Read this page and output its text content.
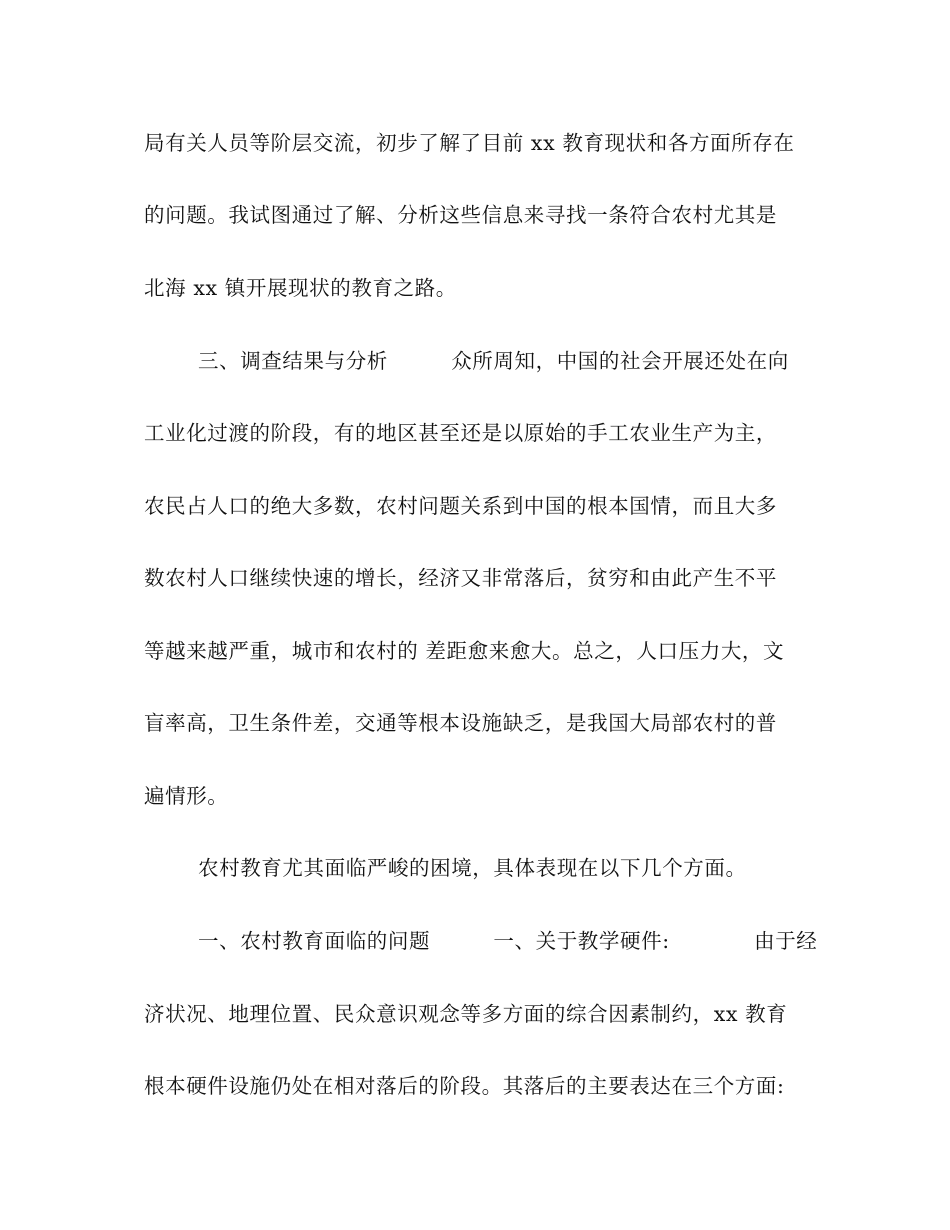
局有关人员等阶层交流，初步了解了目前 xx 教育现状和各方面所存在
的问题。我试图通过了解、分析这些信息来寻找一条符合农村尤其是
北海 xx 镇开展现状的教育之路。
三、调查结果与分析　　　众所周知，中国的社会开展还处在向
工业化过渡的阶段，有的地区甚至还是以原始的手工农业生产为主，
农民占人口的绝大多数，农村问题关系到中国的根本国情，而且大多
数农村人口继续快速的增长，经济又非常落后，贫穷和由此产生不平
等越来越严重，城市和农村的 差距愈来愈大。总之，人口压力大，文
盲率高，卫生条件差，交通等根本设施缺乏，是我国大局部农村的普
遍情形。
农村教育尤其面临严峻的困境，具体表现在以下几个方面。
一、农村教育面临的问题　　　一、关于教学硬件:　　　　由于经
济状况、地理位置、民众意识观念等多方面的综合因素制约，xx 教育
根本硬件设施仍处在相对落后的阶段。其落后的主要表达在三个方面:
